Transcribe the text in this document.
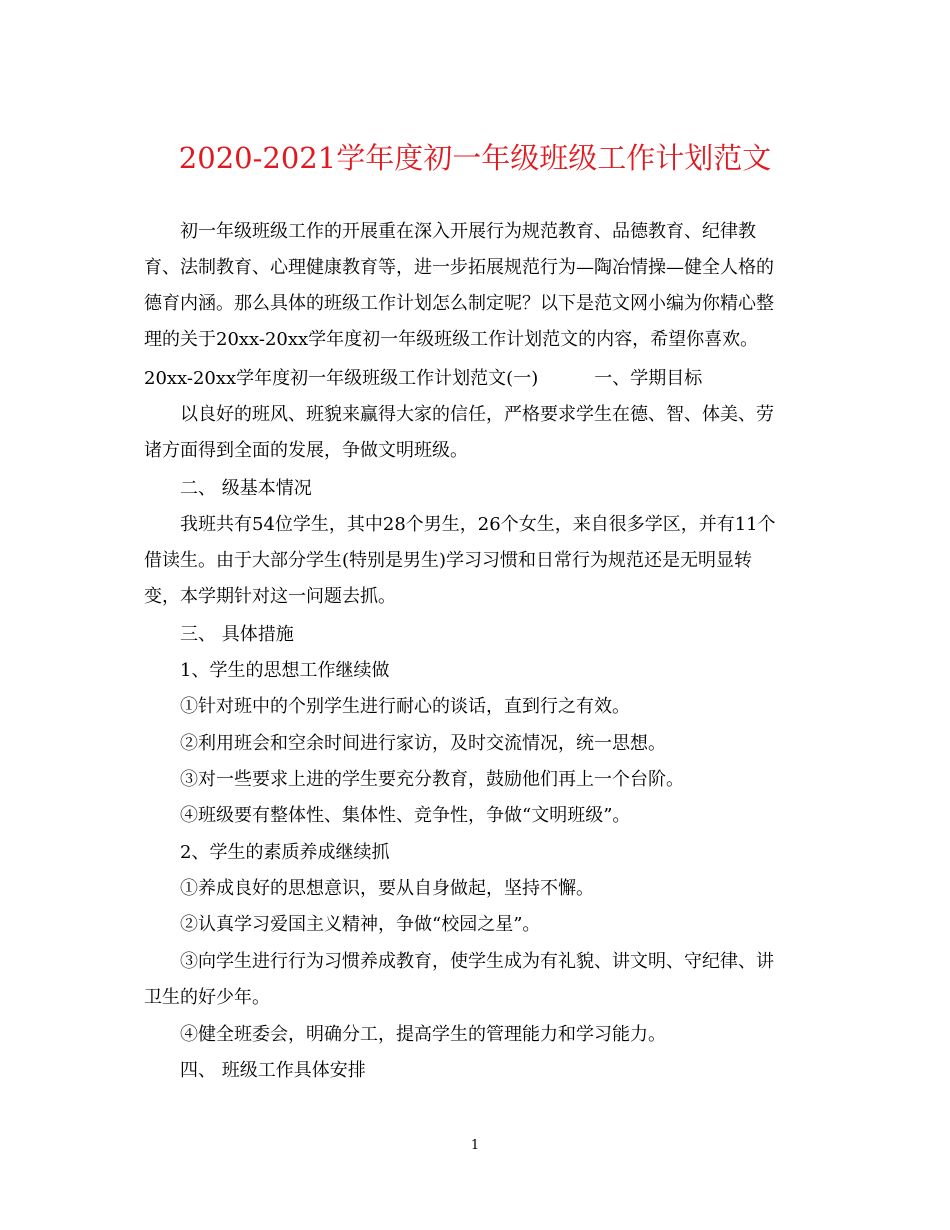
2020-2021学年度初一年级班级工作计划范文
初一年级班级工作的开展重在深入开展行为规范教育、品德教育、纪律教
育、法制教育、心理健康教育等，进一步拓展规范行为—陶冶情操—健全人格的
德育内涵。那么具体的班级工作计划怎么制定呢？以下是范文网小编为你精心整
理的关于20xx-20xx学年度初一年级班级工作计划范文的内容，希望你喜欢。
20xx-20xx学年度初一年级班级工作计划范文(一)	一、学期目标
以良好的班风、班貌来赢得大家的信任，严格要求学生在德、智、体美、劳
诸方面得到全面的发展，争做文明班级。
二、 级基本情况
我班共有54位学生，其中28个男生，26个女生，来自很多学区，并有11个
借读生。由于大部分学生(特别是男生)学习习惯和日常行为规范还是无明显转
变，本学期针对这一问题去抓。
三、 具体措施
1、学生的思想工作继续做
①针对班中的个别学生进行耐心的谈话，直到行之有效。
②利用班会和空余时间进行家访，及时交流情况，统一思想。
③对一些要求上进的学生要充分教育，鼓励他们再上一个台阶。
④班级要有整体性、集体性、竞争性，争做“文明班级”。
2、学生的素质养成继续抓
①养成良好的思想意识，要从自身做起，坚持不懈。
②认真学习爱国主义精神，争做“校园之星”。
③向学生进行行为习惯养成教育，使学生成为有礼貌、讲文明、守纪律、讲
卫生的好少年。
④健全班委会，明确分工，提高学生的管理能力和学习能力。
四、 班级工作具体安排
1
